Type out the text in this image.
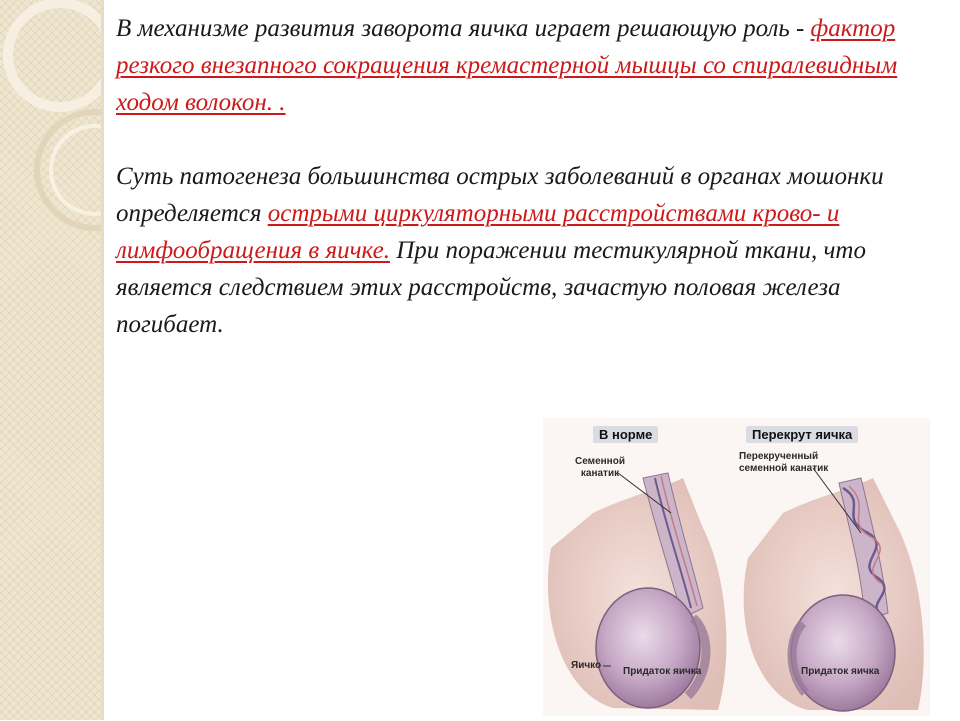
В механизме развития заворота яичка играет решающую роль - фактор резкого внезапного сокращения кремастерной мышцы со спиралевидным ходом волокон. .

Суть патогенеза большинства острых заболеваний в органах мошонки определяется острыми циркуляторными расстройствами крово- и лимфообращения в яичке. При поражении тестикулярной ткани, что является следствием этих расстройств, зачастую половая железа погибает.

В норме	Перекрут яичка
Семенной канатик
Перекрученный семенной канатик
Яичко
Придаток яичка	Придаток яичка
